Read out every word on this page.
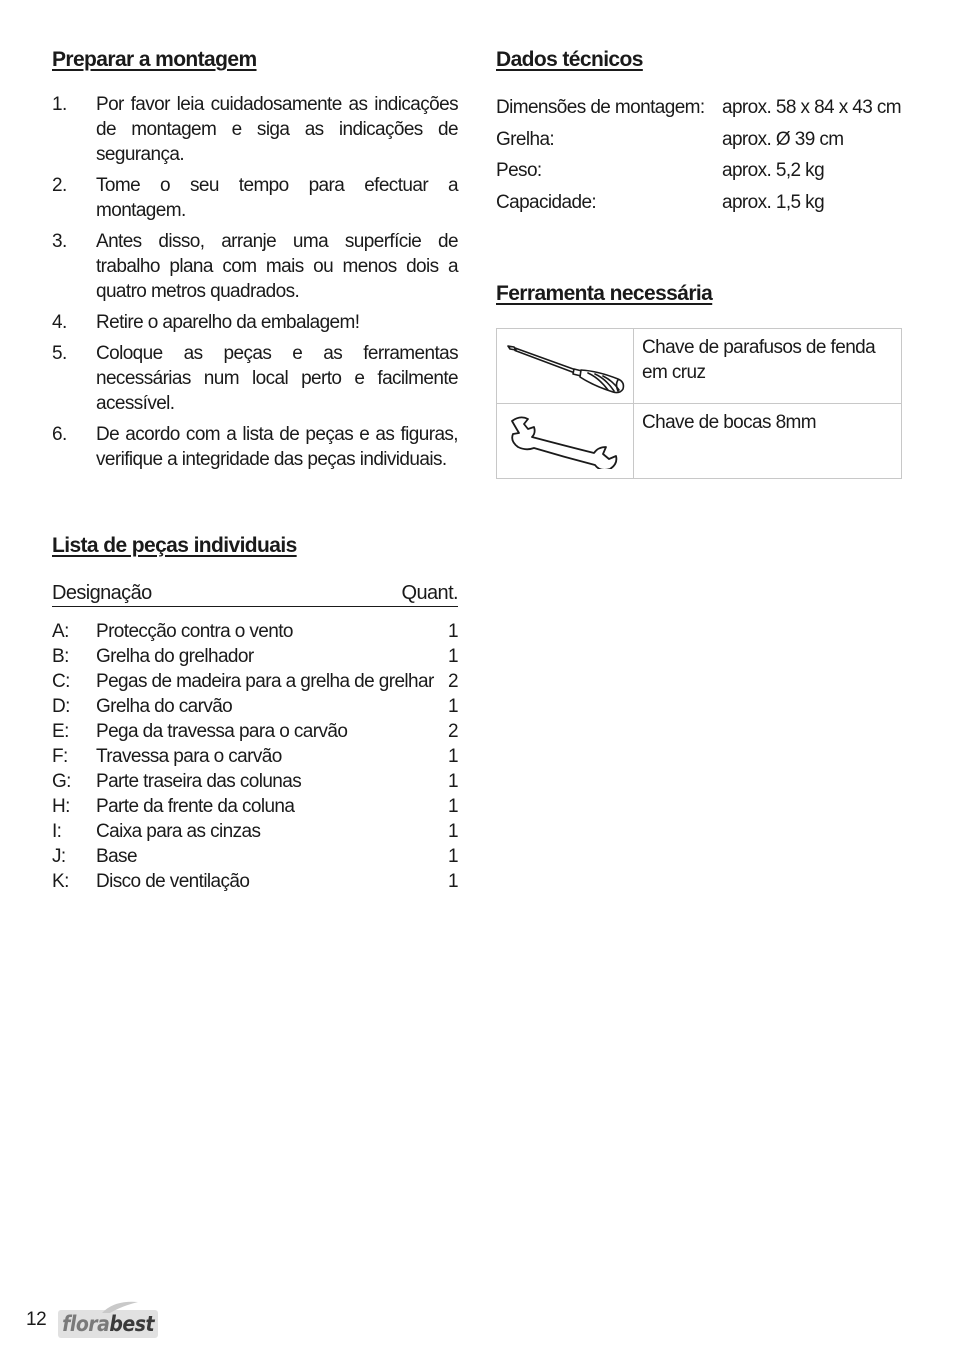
Preparar a montagem
1.	Por favor leia cuidadosamente as indicações de montagem e siga as indicações de segurança.
2.	Tome o seu tempo para efectuar a montagem.
3.	Antes disso, arranje uma superfície de trabalho plana com mais ou menos dois a quatro metros quadrados.
4.	Retire o aparelho da embalagem!
5.	Coloque as peças e as ferramentas necessárias num local perto e facilmente acessível.
6.	De acordo com a lista de peças e as figuras, verifique a integridade das peças individuais.
Lista de peças individuais
Designação	Quant.
A:	Protecção contra o vento	1
B:	Grelha do grelhador	1
C:	Pegas de madeira para a grelha de grelhar 2
D:	Grelha do carvão	1
E:	Pega da travessa para o carvão	2
F:	Travessa para o carvão	1
G:	Parte traseira das colunas	1
H:	Parte da frente da coluna	1
I:	Caixa para as cinzas	1
J:	Base	1
K:	Disco de ventilação	1
Dados técnicos
Dimensões de montagem: aprox. 58 x 84 x 43 cm
Grelha:	aprox. Ø 39 cm
Peso:	aprox. 5,2 kg
Capacidade:	aprox. 1,5 kg
Ferramenta necessária
	Chave de parafusos de fenda em cruz
	Chave de bocas 8mm
12 florabest
